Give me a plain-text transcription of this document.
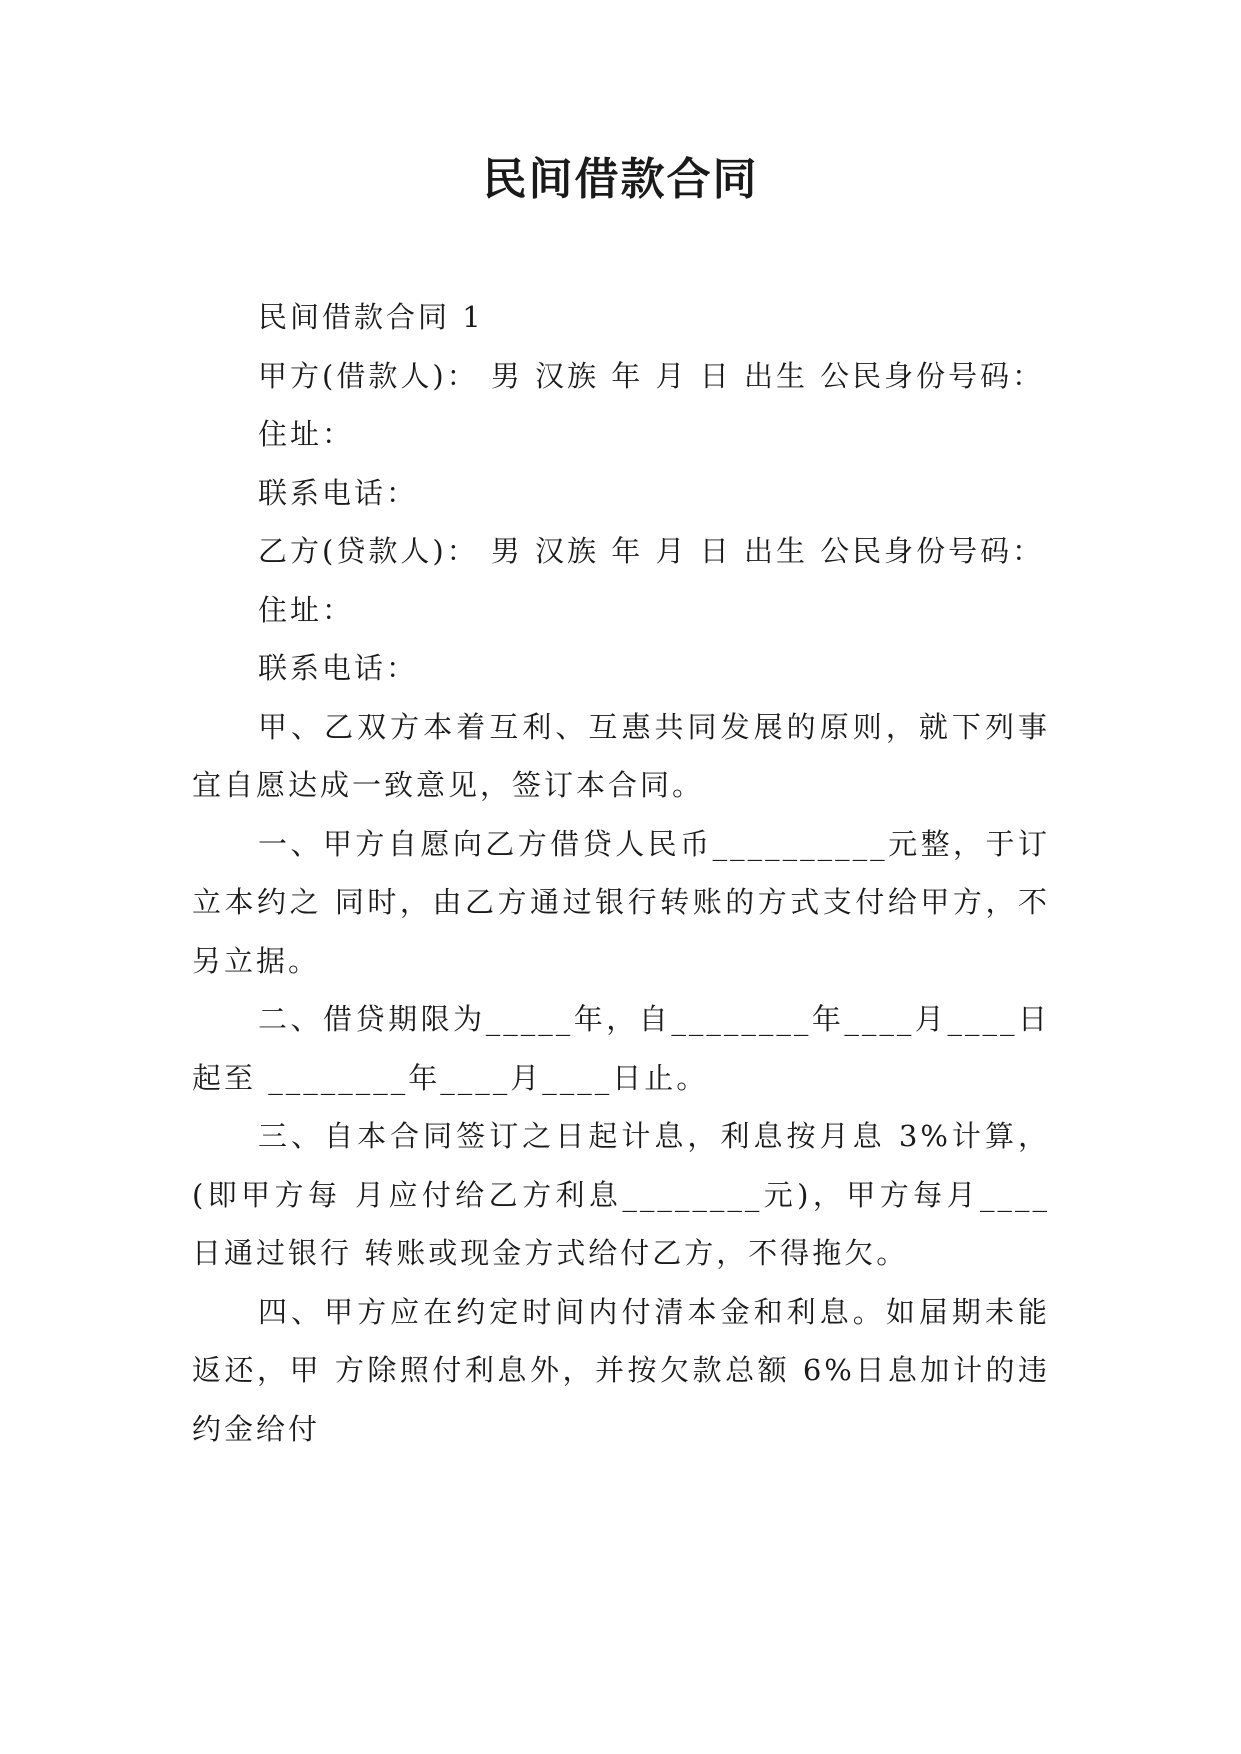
民间借款合同

民间借款合同 1

甲方(借款人)： 男 汉族 年 月 日 出生 公民身份号码：

住址：

联系电话：

乙方(贷款人)： 男 汉族 年 月 日 出生 公民身份号码：

住址：

联系电话：

甲、乙双方本着互利、互惠共同发展的原则，就下列事宜自愿达成一致意见，签订本合同。

一、甲方自愿向乙方借贷人民币__________元整，于订立本约之 同时，由乙方通过银行转账的方式支付给甲方，不另立据。

二、借贷期限为_____年，自________年____月____日起至 ________年____月____日止。

三、自本合同签订之日起计息，利息按月息 3%计算，(即甲方每 月应付给乙方利息________元)，甲方每月____日通过银行 转账或现金方式给付乙方，不得拖欠。

四、甲方应在约定时间内付清本金和利息。如届期未能返还，甲 方除照付利息外，并按欠款总额 6%日息加计的违约金给付
